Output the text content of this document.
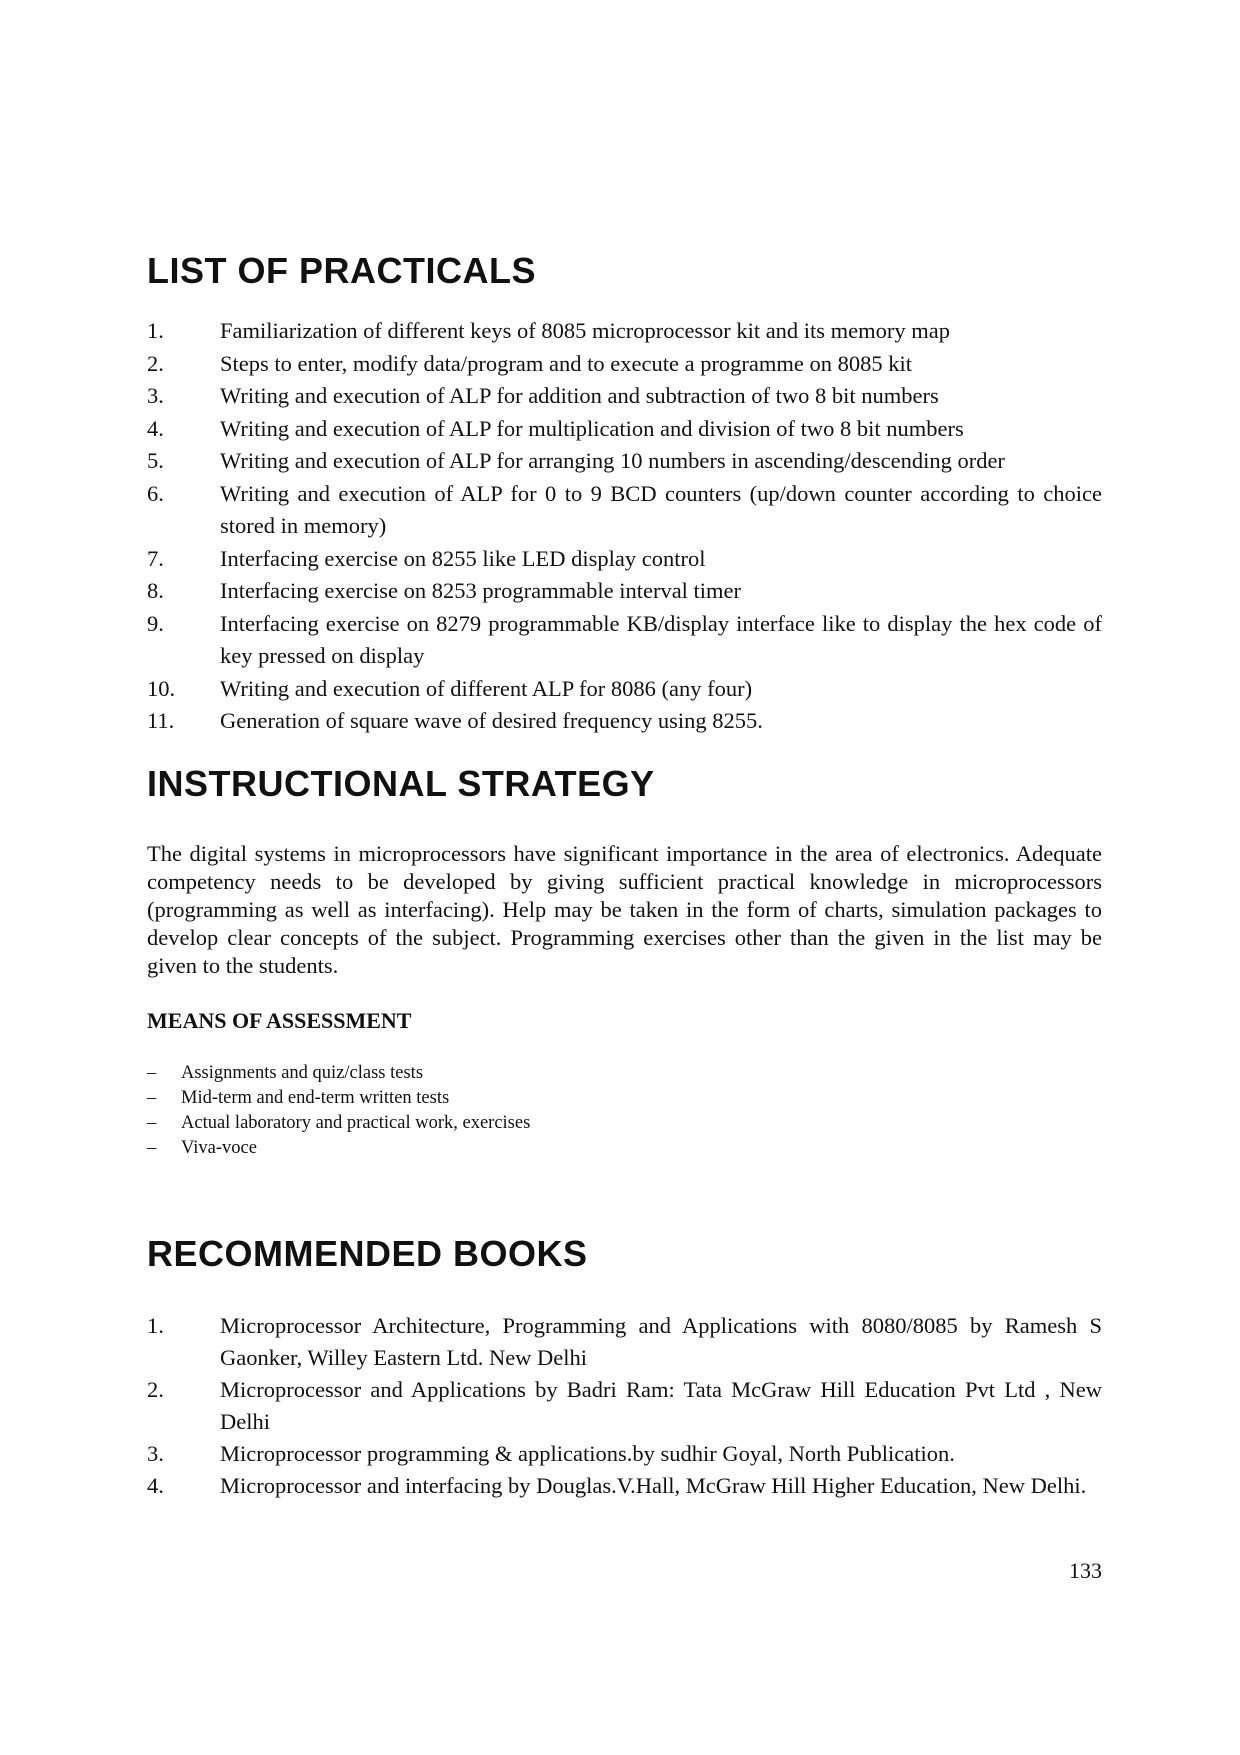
LIST OF PRACTICALS
1. Familiarization of different keys of 8085 microprocessor kit and its memory map
2. Steps to enter, modify data/program and to execute a programme on 8085 kit
3. Writing and execution of ALP for addition and subtraction of two 8 bit numbers
4. Writing and execution of ALP for multiplication and division of two 8 bit numbers
5. Writing and execution of ALP for arranging 10 numbers in ascending/descending order
6. Writing and execution of ALP for 0 to 9 BCD counters (up/down counter according to choice stored in memory)
7. Interfacing exercise on 8255 like LED display control
8. Interfacing exercise on 8253 programmable interval timer
9. Interfacing exercise on 8279 programmable KB/display interface like to display the hex code of key pressed on display
10. Writing and execution of different ALP for 8086 (any four)
11. Generation of square wave of desired frequency using 8255.
INSTRUCTIONAL STRATEGY

The digital systems in microprocessors have significant importance in the area of electronics. Adequate competency needs to be developed by giving sufficient practical knowledge in microprocessors (programming as well as interfacing). Help may be taken in the form of charts, simulation packages to develop clear concepts of the subject. Programming exercises other than the given in the list may be given to the students.

MEANS OF ASSESSMENT
– Assignments and quiz/class tests
– Mid-term and end-term written tests
– Actual laboratory and practical work, exercises
– Viva-voce
RECOMMENDED BOOKS
1. Microprocessor Architecture, Programming and Applications with 8080/8085 by Ramesh S Gaonker, Willey Eastern Ltd. New Delhi
2. Microprocessor and Applications by Badri Ram: Tata McGraw Hill Education Pvt Ltd , New Delhi
3. Microprocessor programming & applications.by sudhir Goyal, North Publication.
4. Microprocessor and interfacing by Douglas.V.Hall, McGraw Hill Higher Education, New Delhi.
133
